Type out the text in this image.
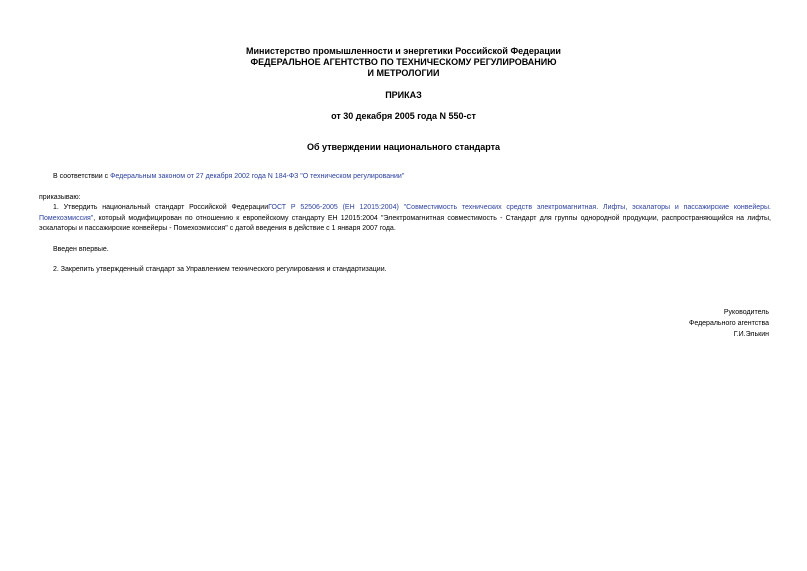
Министерство промышленности и энергетики Российской Федерации
ФЕДЕРАЛЬНОЕ АГЕНТСТВО ПО ТЕХНИЧЕСКОМУ РЕГУЛИРОВАНИЮ
И МЕТРОЛОГИИ
ПРИКАЗ
от 30 декабря 2005 года N 550-ст
Об утверждении национального стандарта
В соответствии с Федеральным законом от 27 декабря 2002 года N 184-ФЗ "О техническом регулировании"
приказываю:
1. Утвердить национальный стандарт Российской ФедерацииГОСТ Р 52506-2005 (ЕН 12015:2004) "Совместимость технических средств электромагнитная. Лифты, эскалаторы и пассажирские конвейеры. Помехоэмиссия", который модифицирован по отношению к европейскому стандарту ЕН 12015:2004 "Электромагнитная совместимость - Стандарт для группы однородной продукции, распространяющийся на лифты, эскалаторы и пассажирские конвейеры - Помехоэмиссия" с датой введения в действие с 1 января 2007 года.
Введен впервые.
2. Закрепить утвержденный стандарт за Управлением технического регулирования и стандартизации.
Руководитель
Федерального агентства
Г.И.Элькин
